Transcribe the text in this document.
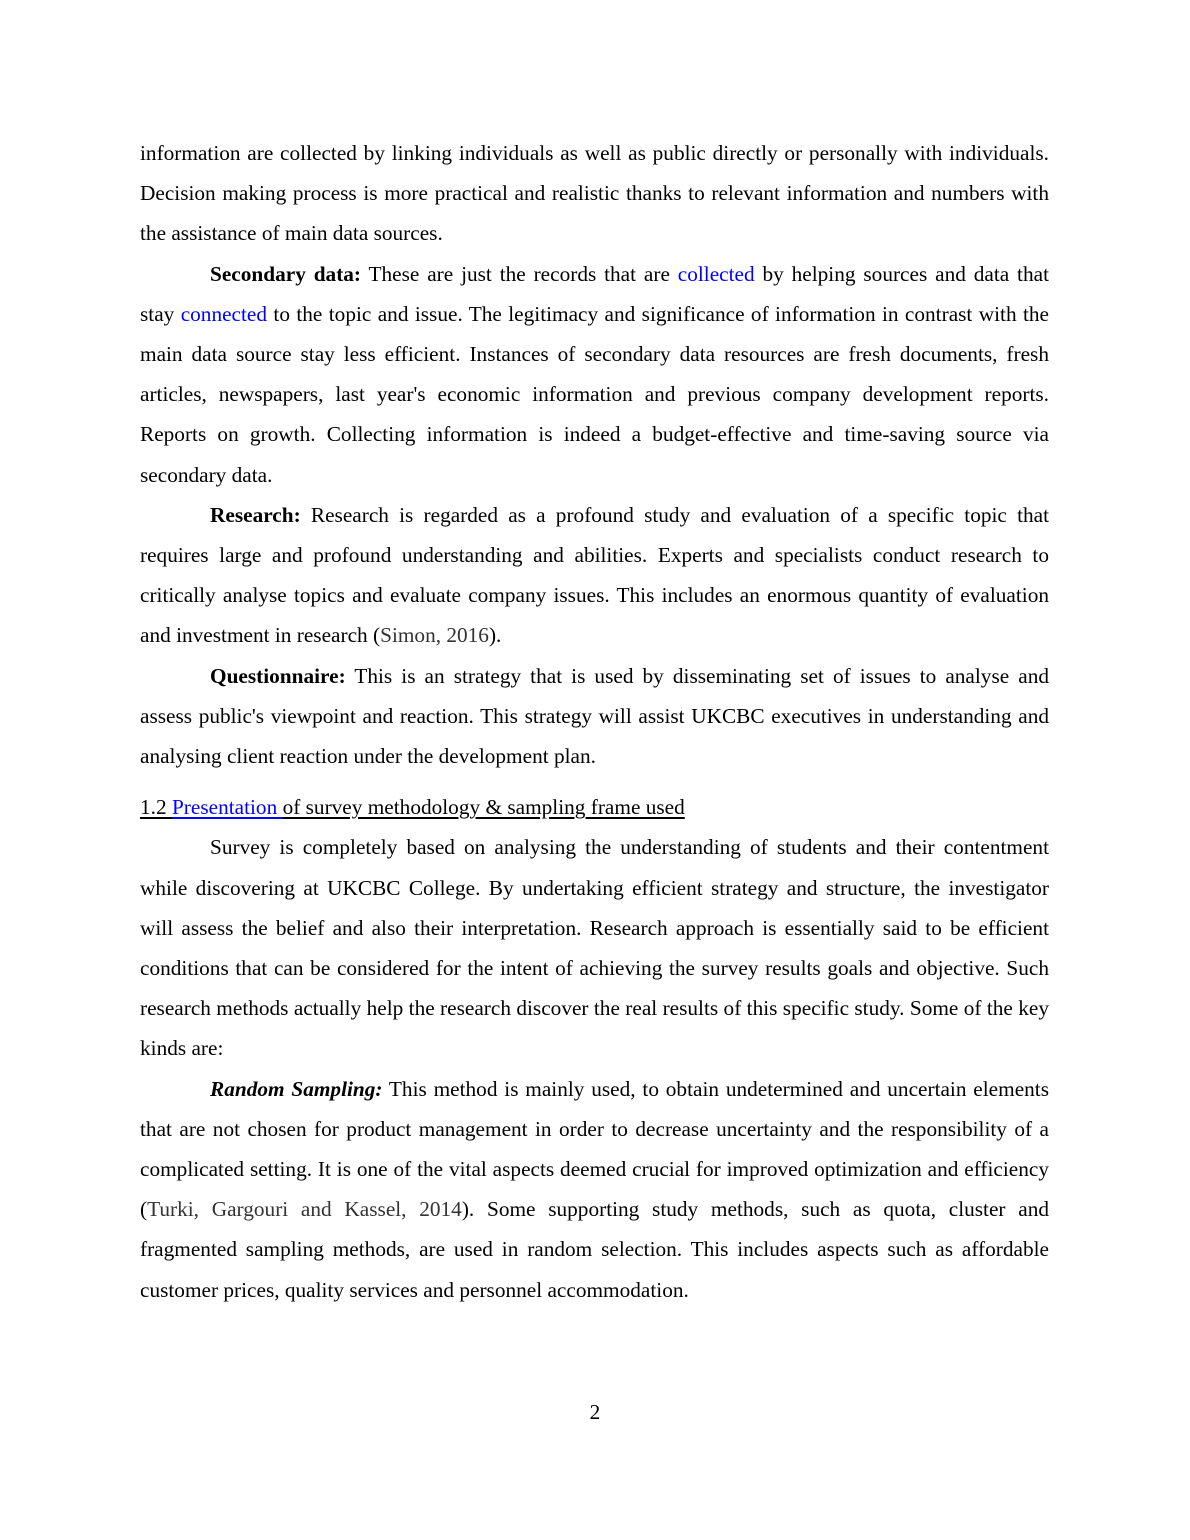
information are collected by linking individuals as well as public directly or personally with individuals. Decision making process is more practical and realistic thanks to relevant information and numbers with the assistance of main data sources.

Secondary data: These are just the records that are collected by helping sources and data that stay connected to the topic and issue. The legitimacy and significance of information in contrast with the main data source stay less efficient. Instances of secondary data resources are fresh documents, fresh articles, newspapers, last year's economic information and previous company development reports. Reports on growth. Collecting information is indeed a budget-effective and time-saving source via secondary data.

Research: Research is regarded as a profound study and evaluation of a specific topic that requires large and profound understanding and abilities. Experts and specialists conduct research to critically analyse topics and evaluate company issues. This includes an enormous quantity of evaluation and investment in research (Simon, 2016).

Questionnaire: This is an strategy that is used by disseminating set of issues to analyse and assess public's viewpoint and reaction. This strategy will assist UKCBC executives in understanding and analysing client reaction under the development plan.

1.2 Presentation of survey methodology & sampling frame used

Survey is completely based on analysing the understanding of students and their contentment while discovering at UKCBC College. By undertaking efficient strategy and structure, the investigator will assess the belief and also their interpretation. Research approach is essentially said to be efficient conditions that can be considered for the intent of achieving the survey results goals and objective. Such research methods actually help the research discover the real results of this specific study. Some of the key kinds are:

Random Sampling: This method is mainly used, to obtain undetermined and uncertain elements that are not chosen for product management in order to decrease uncertainty and the responsibility of a complicated setting. It is one of the vital aspects deemed crucial for improved optimization and efficiency (Turki, Gargouri and Kassel, 2014). Some supporting study methods, such as quota, cluster and fragmented sampling methods, are used in random selection. This includes aspects such as affordable customer prices, quality services and personnel accommodation.

2
